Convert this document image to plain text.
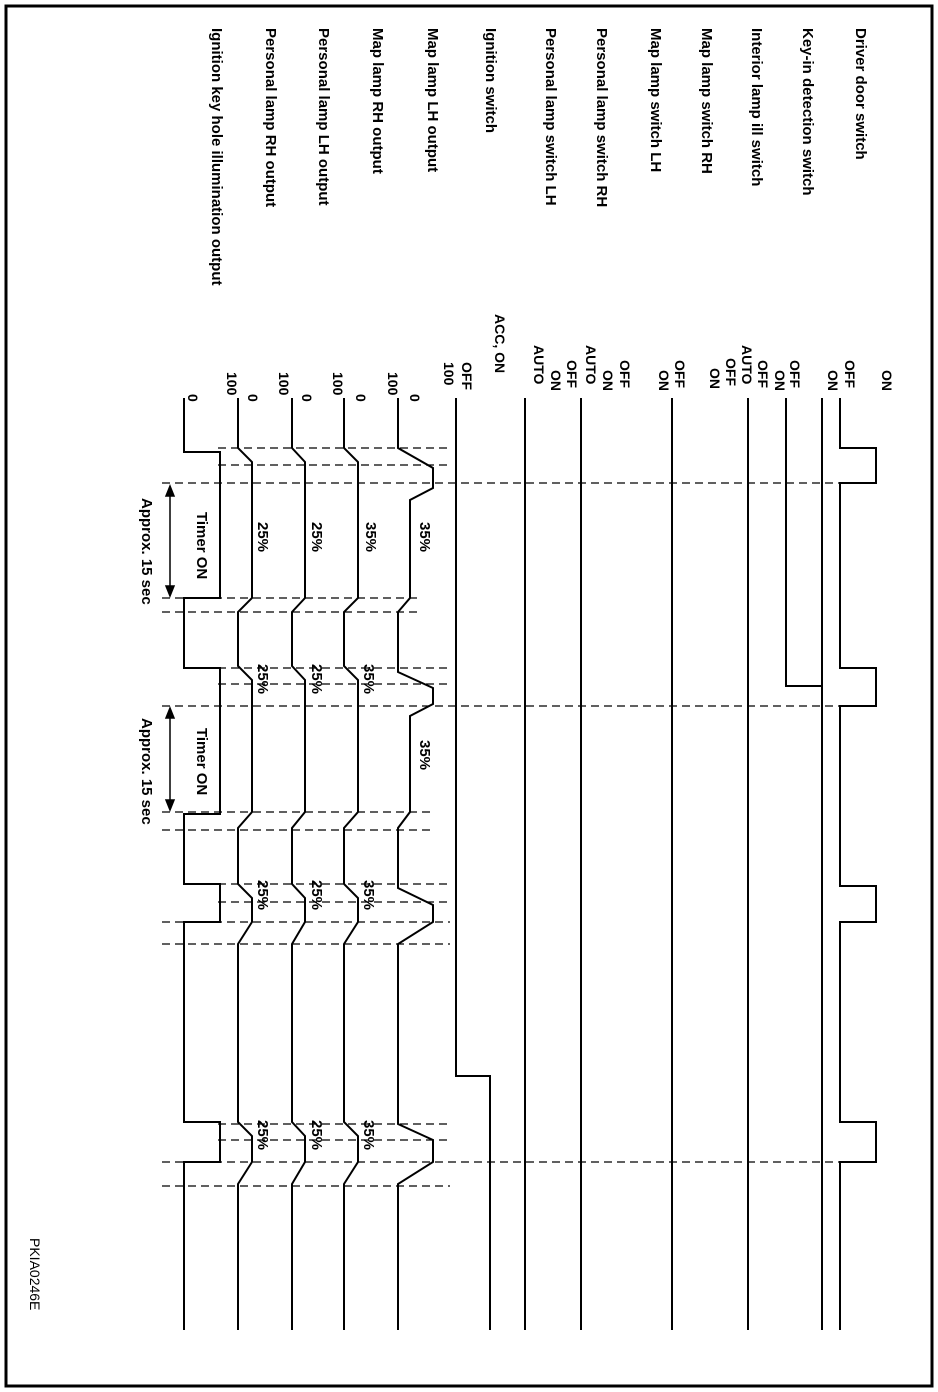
Driver door switch
Key-in detection switch
Interior lamp ill switch
Map lamp switch RH
Map lamp switch LH
Personal lamp switch RH
Personal lamp switch LH
Ignition switch
Map lamp LH output
Map lamp RH output
Personal lamp LH output
Personal lamp RH output
Ignition key hole illumination output
ON
OFF
ON
OFF
ON
OFF
AUTO
OFF
ON
OFF
ON
OFF
ON
AUTO
OFF
ON
AUTO
OFF
ACC, ON
100
0
100
0
100
0
100
0
100
0
35%
35%
25%
25%
Timer ON
Approx. 15 sec
35%
25%
25%
35%
Timer ON
Approx. 15 sec
35%
25%
25%
35%
25%
25%
PKIA0246E
